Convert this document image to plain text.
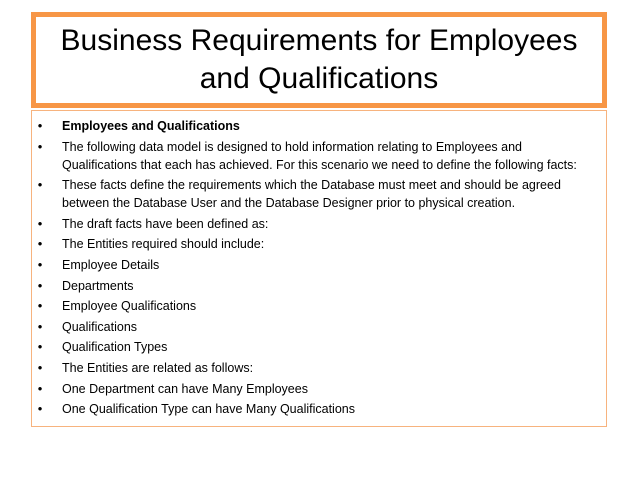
Business Requirements for Employees
and Qualifications
• Employees and Qualifications
• The following data model is designed to hold information relating to Employees and Qualifications that each has achieved. For this scenario we need to define the following facts:
• These facts define the requirements which the Database must meet and should be agreed between the Database User and the Database Designer prior to physical creation.
• The draft facts have been defined as:
• The Entities required should include:
• Employee Details
• Departments
• Employee Qualifications
• Qualifications
• Qualification Types
• The Entities are related as follows:
• One Department can have Many Employees
• One Qualification Type can have Many Qualifications
